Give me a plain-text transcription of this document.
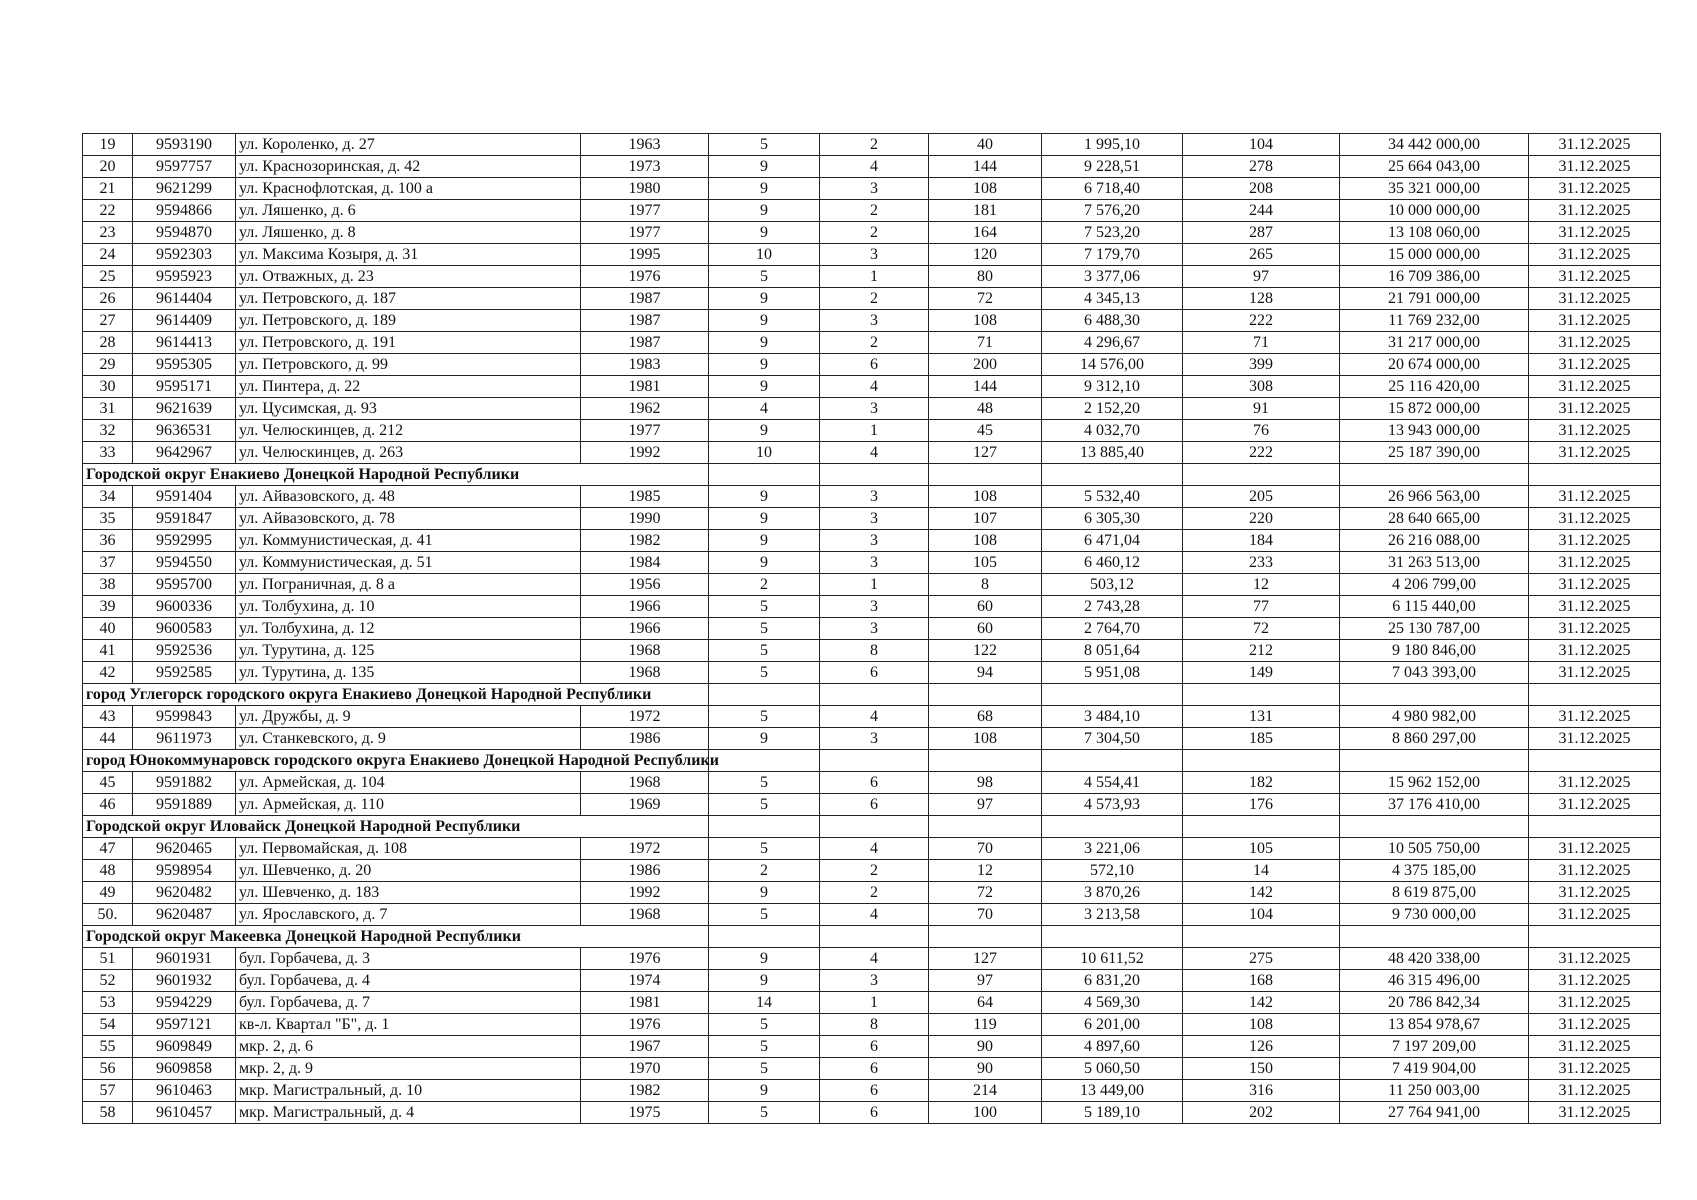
19	9593190	ул. Короленко, д. 27	1963	5	2	40	1 995,10	104	34 442 000,00	31.12.2025
20	9597757	ул. Краснозоринская, д. 42	1973	9	4	144	9 228,51	278	25 664 043,00	31.12.2025
21	9621299	ул. Краснофлотская, д. 100 а	1980	9	3	108	6 718,40	208	35 321 000,00	31.12.2025
22	9594866	ул. Ляшенко, д. 6	1977	9	2	181	7 576,20	244	10 000 000,00	31.12.2025
23	9594870	ул. Ляшенко, д. 8	1977	9	2	164	7 523,20	287	13 108 060,00	31.12.2025
24	9592303	ул. Максима Козыря, д. 31	1995	10	3	120	7 179,70	265	15 000 000,00	31.12.2025
25	9595923	ул. Отважных, д. 23	1976	5	1	80	3 377,06	97	16 709 386,00	31.12.2025
26	9614404	ул. Петровского, д. 187	1987	9	2	72	4 345,13	128	21 791 000,00	31.12.2025
27	9614409	ул. Петровского, д. 189	1987	9	3	108	6 488,30	222	11 769 232,00	31.12.2025
28	9614413	ул. Петровского, д. 191	1987	9	2	71	4 296,67	71	31 217 000,00	31.12.2025
29	9595305	ул. Петровского, д. 99	1983	9	6	200	14 576,00	399	20 674 000,00	31.12.2025
30	9595171	ул. Пинтера, д. 22	1981	9	4	144	9 312,10	308	25 116 420,00	31.12.2025
31	9621639	ул. Цусимская, д. 93	1962	4	3	48	2 152,20	91	15 872 000,00	31.12.2025
32	9636531	ул. Челюскинцев, д. 212	1977	9	1	45	4 032,70	76	13 943 000,00	31.12.2025
33	9642967	ул. Челюскинцев, д. 263	1992	10	4	127	13 885,40	222	25 187 390,00	31.12.2025
Городской округ Енакиево Донецкой Народной Республики										
34	9591404	ул. Айвазовского, д. 48	1985	9	3	108	5 532,40	205	26 966 563,00	31.12.2025
35	9591847	ул. Айвазовского, д. 78	1990	9	3	107	6 305,30	220	28 640 665,00	31.12.2025
36	9592995	ул. Коммунистическая, д. 41	1982	9	3	108	6 471,04	184	26 216 088,00	31.12.2025
37	9594550	ул. Коммунистическая, д. 51	1984	9	3	105	6 460,12	233	31 263 513,00	31.12.2025
38	9595700	ул. Пограничная, д. 8 а	1956	2	1	8	503,12	12	4 206 799,00	31.12.2025
39	9600336	ул. Толбухина, д. 10	1966	5	3	60	2 743,28	77	6 115 440,00	31.12.2025
40	9600583	ул. Толбухина, д. 12	1966	5	3	60	2 764,70	72	25 130 787,00	31.12.2025
41	9592536	ул. Турутина, д. 125	1968	5	8	122	8 051,64	212	9 180 846,00	31.12.2025
42	9592585	ул. Турутина, д. 135	1968	5	6	94	5 951,08	149	7 043 393,00	31.12.2025
город Углегорск городского округа Енакиево Донецкой Народной Республики										
43	9599843	ул. Дружбы, д. 9	1972	5	4	68	3 484,10	131	4 980 982,00	31.12.2025
44	9611973	ул. Станкевского, д. 9	1986	9	3	108	7 304,50	185	8 860 297,00	31.12.2025
город Юнокоммунаровск городского округа Енакиево Донецкой Народной Республики										
45	9591882	ул. Армейская, д. 104	1968	5	6	98	4 554,41	182	15 962 152,00	31.12.2025
46	9591889	ул. Армейская, д. 110	1969	5	6	97	4 573,93	176	37 176 410,00	31.12.2025
Городской округ Иловайск Донецкой Народной Республики										
47	9620465	ул. Первомайская, д. 108	1972	5	4	70	3 221,06	105	10 505 750,00	31.12.2025
48	9598954	ул. Шевченко, д. 20	1986	2	2	12	572,10	14	4 375 185,00	31.12.2025
49	9620482	ул. Шевченко, д. 183	1992	9	2	72	3 870,26	142	8 619 875,00	31.12.2025
50.	9620487	ул. Ярославского, д. 7	1968	5	4	70	3 213,58	104	9 730 000,00	31.12.2025
Городской округ Макеевка Донецкой Народной Республики										
51	9601931	бул. Горбачева, д. 3	1976	9	4	127	10 611,52	275	48 420 338,00	31.12.2025
52	9601932	бул. Горбачева, д. 4	1974	9	3	97	6 831,20	168	46 315 496,00	31.12.2025
53	9594229	бул. Горбачева, д. 7	1981	14	1	64	4 569,30	142	20 786 842,34	31.12.2025
54	9597121	кв-л. Квартал "Б", д. 1	1976	5	8	119	6 201,00	108	13 854 978,67	31.12.2025
55	9609849	мкр. 2, д. 6	1967	5	6	90	4 897,60	126	7 197 209,00	31.12.2025
56	9609858	мкр. 2, д. 9	1970	5	6	90	5 060,50	150	7 419 904,00	31.12.2025
57	9610463	мкр. Магистральный, д. 10	1982	9	6	214	13 449,00	316	11 250 003,00	31.12.2025
58	9610457	мкр. Магистральный, д. 4	1975	5	6	100	5 189,10	202	27 764 941,00	31.12.2025
